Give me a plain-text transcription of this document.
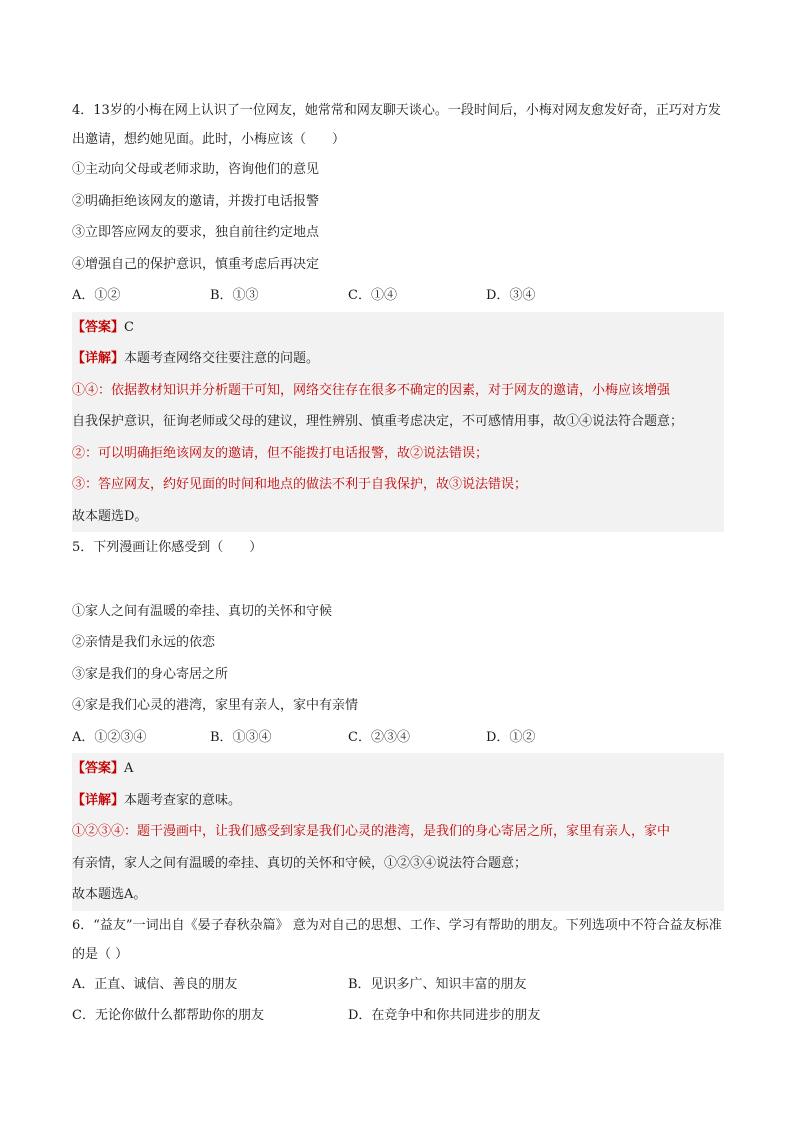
4．13岁的小梅在网上认识了一位网友，她常常和网友聊天谈心。一段时间后，小梅对网友愈发好奇，正巧对方发出邀请，想约她见面。此时，小梅应该（　　）
①主动向父母或老师求助，咨询他们的意见
②明确拒绝该网友的邀请，并拨打电话报警
③立即答应网友的要求，独自前往约定地点
④增强自己的保护意识，慎重考虑后再决定
A．①②	B．①③	C．①④	D．③④
【答案】C
【详解】本题考查网络交往要注意的问题。
①④：依据教材知识并分析题干可知，网络交往存在很多不确定的因素，对于网友的邀请，小梅应该增强
自我保护意识，征询老师或父母的建议，理性辨别、慎重考虑决定，不可感情用事，故①④说法符合题意；
②：可以明确拒绝该网友的邀请，但不能拨打电话报警，故②说法错误；
③：答应网友，约好见面的时间和地点的做法不利于自我保护，故③说法错误；
故本题选D。
5．下列漫画让你感受到（　　）
①家人之间有温暖的牵挂、真切的关怀和守候
②亲情是我们永远的依恋
③家是我们的身心寄居之所
④家是我们心灵的港湾，家里有亲人，家中有亲情
A．①②③④	B．①③④	C．②③④	D．①②
【答案】A
【详解】本题考查家的意味。
①②③④：题干漫画中，让我们感受到家是我们心灵的港湾，是我们的身心寄居之所，家里有亲人，家中
有亲情，家人之间有温暖的牵挂、真切的关怀和守候，①②③④说法符合题意；
故本题选A。
6．“益友”一词出自《晏子春秋杂篇》 意为对自己的思想、工作、学习有帮助的朋友。下列选项中不符合益友标准的是（ ）
A．正直、诚信、善良的朋友	B．见识多广、知识丰富的朋友
C．无论你做什么都帮助你的朋友	D．在竞争中和你共同进步的朋友
